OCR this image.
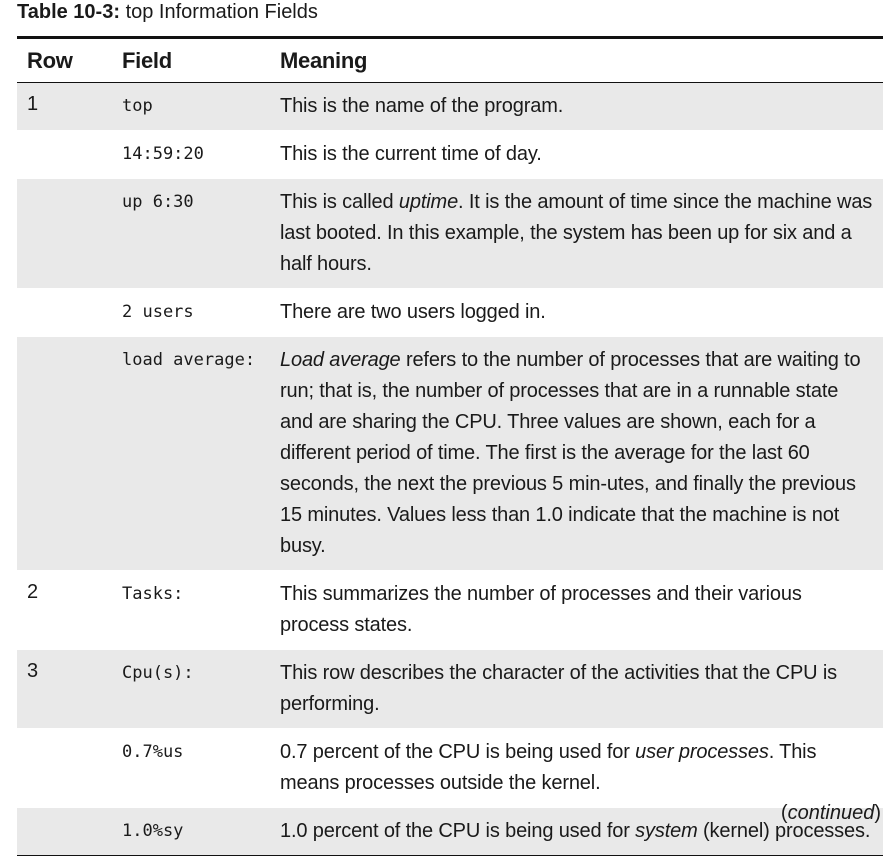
Table 10-3: top Information Fields
Row	Field	Meaning
1	top	This is the name of the program.
	14:59:20	This is the current time of day.
	up 6:30	This is called uptime. It is the amount of time since the machine was last booted. In this example, the system has been up for six and a half hours.
	2 users	There are two users logged in.
	load average:	Load average refers to the number of processes that are waiting to run; that is, the number of processes that are in a runnable state and are sharing the CPU. Three values are shown, each for a different period of time. The first is the average for the last 60 seconds, the next the previous 5 min-utes, and finally the previous 15 minutes. Values less than 1.0 indicate that the machine is not busy.
2	Tasks:	This summarizes the number of processes and their various process states.
3	Cpu(s):	This row describes the character of the activities that the CPU is performing.
	0.7%us	0.7 percent of the CPU is being used for user processes. This means processes outside the kernel.
	1.0%sy	1.0 percent of the CPU is being used for system (kernel) processes.
(continued)
